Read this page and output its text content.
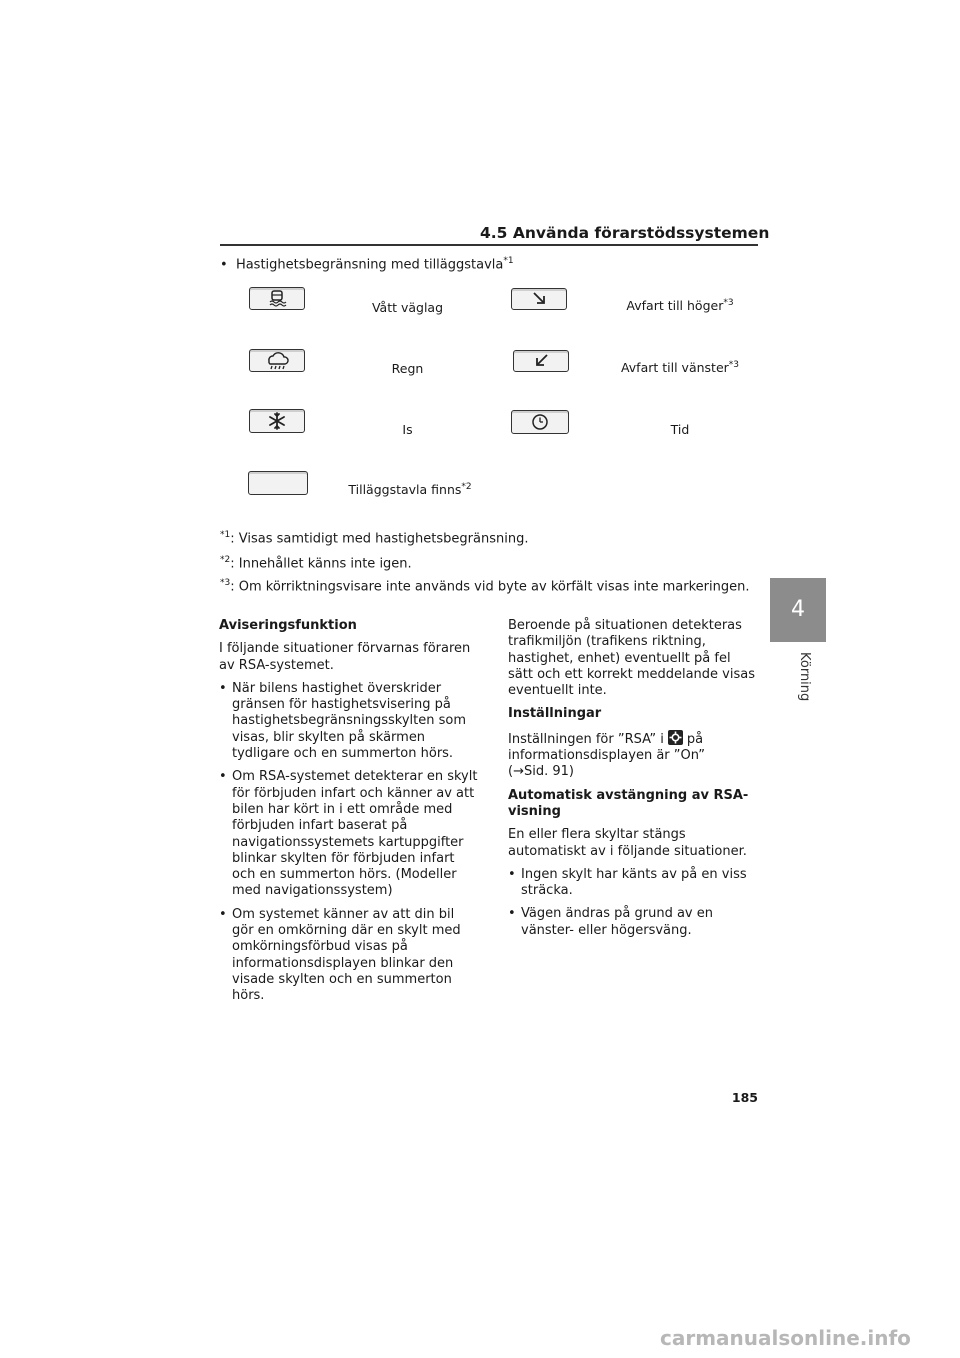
4.5 Använda förarstödssystemen
4
Körning
•  Hastighetsbegränsning med tilläggstavla$^{*1}$
Vått väglag	Avfart till höger$^{*3}$
Regn	Avfart till vänster$^{*3}$
Is	Tid
Tilläggstavla finns$^{*2}$
$^{*1}$: Visas samtidigt med hastighetsbegränsning.
$^{*2}$: Innehållet känns inte igen.
$^{*3}$: Om körriktningsvisare inte används vid byte av körfält visas inte markeringen.

Aviseringsfunktion

I följande situationer förvarnas föraren av RSA-systemet.

• När bilens hastighet överskrider gränsen för hastighetsvisering på hastighetsbegränsningsskylten som visas, blir skylten på skärmen tydligare och en summerton hörs.
• Om RSA-systemet detekterar en skylt för förbjuden infart och känner av att bilen har kört in i ett område med förbjuden infart baserat på navigationssystemets kartuppgifter blinkar skylten för förbjuden infart och en summerton hörs. (Modeller med navigationssystem)
• Om systemet känner av att din bil gör en omkörning där en skylt med omkörningsförbud visas på informationsdisplayen blinkar den visade skylten och en summerton hörs.

Beroende på situationen detekteras trafikmiljön (trafikens riktning, hastighet, enhet) eventuellt på fel sätt och ett korrekt meddelande visas eventuellt inte.

Inställningar

Inställningen för ”RSA” i på informationsdisplayen är ”On”
(→Sid. 91)

Automatisk avstängning av RSA-visning

En eller flera skyltar stängs automatiskt av i följande situationer.

• Ingen skylt har känts av på en viss sträcka.
• Vägen ändras på grund av en vänster- eller högersväng.
185
carmanualsonline.info
